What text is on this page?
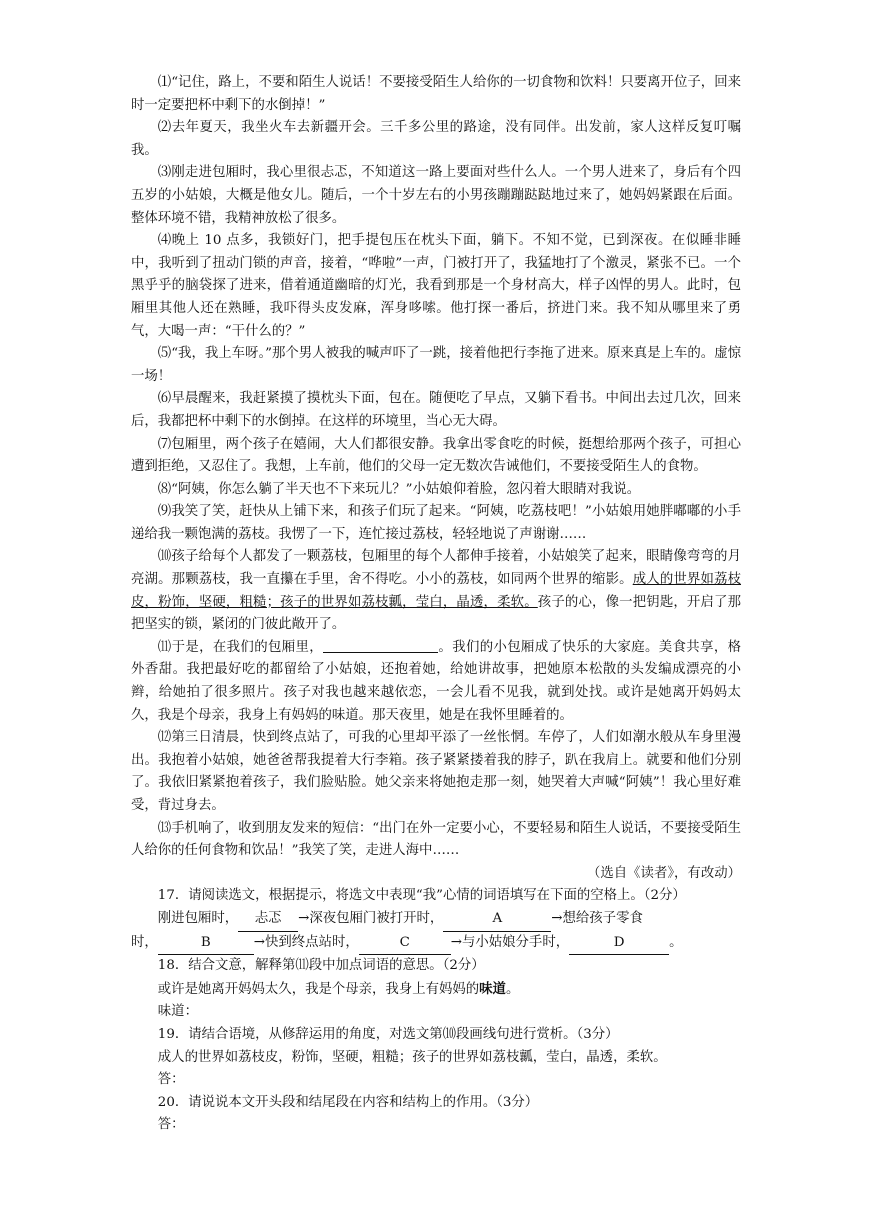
⑴“记住，路上，不要和陌生人说话！不要接受陌生人给你的一切食物和饮料！只要离开位子，回来时一定要把杯中剩下的水倒掉！”

⑵去年夏天，我坐火车去新疆开会。三千多公里的路途，没有同伴。出发前，家人这样反复叮嘱我。

⑶刚走进包厢时，我心里很忐忑，不知道这一路上要面对些什么人。一个男人进来了，身后有个四五岁的小姑娘，大概是他女儿。随后，一个十岁左右的小男孩蹦蹦跶跶地过来了，她妈妈紧跟在后面。整体环境不错，我精神放松了很多。

⑷晚上 10 点多，我锁好门，把手提包压在枕头下面，躺下。不知不觉，已到深夜。在似睡非睡中，我听到了扭动门锁的声音，接着，“哗啦”一声，门被打开了，我猛地打了个激灵，紧张不已。一个黑乎乎的脑袋探了进来，借着通道幽暗的灯光，我看到那是一个身材高大，样子凶悍的男人。此时，包厢里其他人还在熟睡，我吓得头皮发麻，浑身哆嗦。他打探一番后，挤进门来。我不知从哪里来了勇气，大喝一声：“干什么的？”

⑸“我，我上车呀。”那个男人被我的喊声吓了一跳，接着他把行李拖了进来。原来真是上车的。虚惊一场！

⑹早晨醒来，我赶紧摸了摸枕头下面，包在。随便吃了早点，又躺下看书。中间出去过几次，回来后，我都把杯中剩下的水倒掉。在这样的环境里，当心无大碍。

⑺包厢里，两个孩子在嬉闹，大人们都很安静。我拿出零食吃的时候，挺想给那两个孩子，可担心遭到拒绝，又忍住了。我想，上车前，他们的父母一定无数次告诫他们，不要接受陌生人的食物。

⑻“阿姨，你怎么躺了半天也不下来玩儿？”小姑娘仰着脸，忽闪着大眼睛对我说。

⑼我笑了笑，赶快从上铺下来，和孩子们玩了起来。“阿姨，吃荔枝吧！”小姑娘用她胖嘟嘟的小手递给我一颗饱满的荔枝。我愣了一下，连忙接过荔枝，轻轻地说了声谢谢……

⑽孩子给每个人都发了一颗荔枝，包厢里的每个人都伸手接着，小姑娘笑了起来，眼睛像弯弯的月亮湖。那颗荔枝，我一直攥在手里，舍不得吃。小小的荔枝，如同两个世界的缩影。成人的世界如荔枝皮，粉饰，坚硬，粗糙；孩子的世界如荔枝瓤，莹白，晶透，柔软。孩子的心，像一把钥匙，开启了那把坚实的锁，紧闭的门彼此敞开了。

⑾于是，在我们的包厢里，	。我们的小包厢成了快乐的大家庭。美食共享，格外香甜。我把最好吃的都留给了小姑娘，还抱着她，给她讲故事，把她原本松散的头发编成漂亮的小辫，给她拍了很多照片。孩子对我也越来越依恋，一会儿看不见我，就到处找。或许是她离开妈妈太久，我是个母亲，我身上有妈妈的味道。那天夜里，她是在我怀里睡着的。

⑿第三日清晨，快到终点站了，可我的心里却平添了一丝怅惘。车停了，人们如潮水般从车身里漫出。我抱着小姑娘，她爸爸帮我提着大行李箱。孩子紧紧搂着我的脖子，趴在我肩上。就要和他们分别了。我依旧紧紧抱着孩子，我们脸贴脸。她父亲来将她抱走那一刻，她哭着大声喊“阿姨”！我心里好难受，背过身去。

⒀手机响了，收到朋友发来的短信：“出门在外一定要小心，不要轻易和陌生人说话，不要接受陌生人给你的任何食物和饮品！”我笑了笑，走进人海中……

（选自《读者》，有改动）

17．请阅读选文，根据提示，将选文中表现“我”心情的词语填写在下面的空格上。（2分）

刚进包厢时， 忐忑 →深夜包厢门被打开时，	A	→想给孩子零食

时，	B	→快到终点站时，	C	→与小姑娘分手时，	D	。

18．结合文意，解释第⑾段中加点词语的意思。（2分）

或许是她离开妈妈太久，我是个母亲，我身上有妈妈的味道。

味道：

19．请结合语境，从修辞运用的角度，对选文第⑽段画线句进行赏析。（3分）

成人的世界如荔枝皮，粉饰，坚硬，粗糙；孩子的世界如荔枝瓤，莹白，晶透，柔软。

答：

20．请说说本文开头段和结尾段在内容和结构上的作用。（3分）

答：
